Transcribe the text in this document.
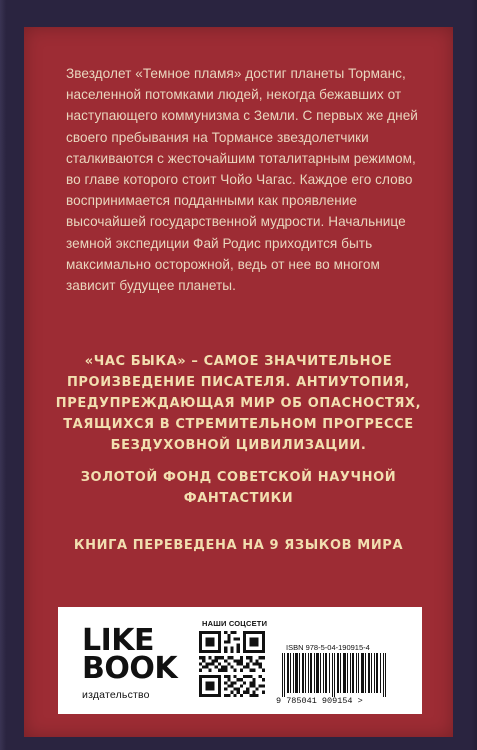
Звездолет «Темное пламя» достиг планеты Торманс, населенной потомками людей, некогда бежавших от наступающего коммунизма с Земли. С первых же дней своего пребывания на Тормансе звездолетчики сталкиваются с жесточайшим тоталитарным режимом, во главе которого стоит Чойо Чагас. Каждое его слово воспринимается подданными как проявление высочайшей государственной мудрости. Начальнице земной экспедиции Фай Родис приходится быть максимально осторожной, ведь от нее во многом зависит будущее планеты.

«ЧАС БЫКА» – САМОЕ ЗНАЧИТЕЛЬНОЕ ПРОИЗВЕДЕНИЕ ПИСАТЕЛЯ. АНТИУТОПИЯ, ПРЕДУПРЕЖДАЮЩАЯ МИР ОБ ОПАСНОСТЯХ, ТАЯЩИХСЯ В СТРЕМИТЕЛЬНОМ ПРОГРЕССЕ БЕЗДУХОВНОЙ ЦИВИЛИЗАЦИИ.

ЗОЛОТОЙ ФОНД СОВЕТСКОЙ НАУЧНОЙ ФАНТАСТИКИ

КНИГА ПЕРЕВЕДЕНА НА 9 ЯЗЫКОВ МИРА

LIKE
BOOK
издательство
НАШИ СОЦСЕТИ
ISBN 978-5-04-190915-4
9 785041 909154 >
